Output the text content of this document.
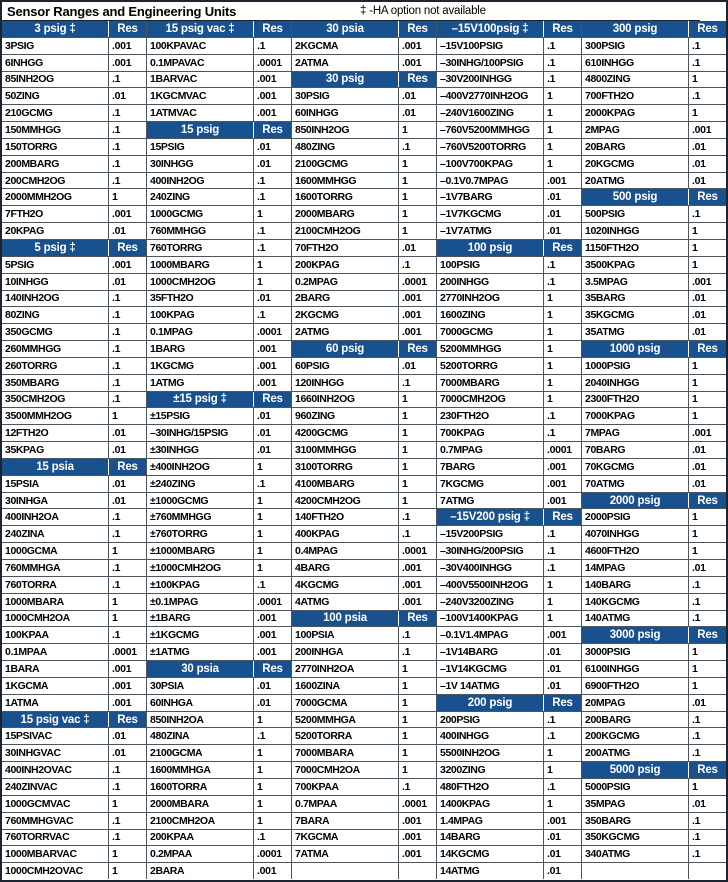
Sensor Ranges and Engineering Units	‡ -HA option not available
3 psig ‡	Res
3PSIG	.001
6INHGG	.001
85INH2OG	.1
50ZING	.01
210GCMG	.1
150MMHGG	.1
150TORRG	.1
200MBARG	.1
200CMH2OG	.1
2000MMH2OG	1
7FTH2O	.001
20KPAG	.01
5 psig ‡	Res
5PSIG	.001
10INHGG	.01
140INH2OG	.1
80ZING	.1
350GCMG	.1
260MMHGG	.1
260TORRG	.1
350MBARG	.1
350CMH2OG	.1
3500MMH2OG	1
12FTH2O	.01
35KPAG	.01
15 psia	Res
15PSIA	.01
30INHGA	.01
400INH2OA	.1
240ZINA	.1
1000GCMA	1
760MMHGA	.1
760TORRA	.1
1000MBARA	1
1000CMH2OA	1
100KPAA	.1
0.1MPAA	.0001
1BARA	.001
1KGCMA	.001
1ATMA	.001
15 psig vac ‡	Res
15PSIVAC	.01
30INHGVAC	.01
400INH2OVAC	.1
240ZINVAC	.1
1000GCMVAC	1
760MMHGVAC	.1
760TORRVAC	.1
1000MBARVAC	1
1000CMH2OVAC	1
15 psig vac ‡	Res
100KPAVAC	.1
0.1MPAVAC	.0001
1BARVAC	.001
1KGCMVAC	.001
1ATMVAC	.001
15 psig	Res
15PSIG	.01
30INHGG	.01
400INH2OG	.1
240ZING	.1
1000GCMG	1
760MMHGG	.1
760TORRG	.1
1000MBARG	1
1000CMH2OG	1
35FTH2O	.01
100KPAG	.1
0.1MPAG	.0001
1BARG	.001
1KGCMG	.001
1ATMG	.001
±15 psig ‡	Res
±15PSIG	.01
–30INHG/15PSIG	.01
±30INHGG	.01
±400INH2OG	1
±240ZING	.1
±1000GCMG	1
±760MMHGG	1
±760TORRG	1
±1000MBARG	1
±1000CMH2OG	1
±100KPAG	.1
±0.1MPAG	.0001
±1BARG	.001
±1KGCMG	.001
±1ATMG	.001
30 psia	Res
30PSIA	.01
60INHGA	.01
850INH2OA	1
480ZINA	.1
2100GCMA	1
1600MMHGA	1
1600TORRA	1
2000MBARA	1
2100CMH2OA	1
200KPAA	.1
0.2MPAA	.0001
2BARA	.001
30 psia	Res
2KGCMA	.001
2ATMA	.001
30 psig	Res
30PSIG	.01
60INHGG	.01
850INH2OG	1
480ZING	.1
2100GCMG	1
1600MMHGG	1
1600TORRG	1
2000MBARG	1
2100CMH2OG	1
70FTH2O	.01
200KPAG	.1
0.2MPAG	.0001
2BARG	.001
2KGCMG	.001
2ATMG	.001
60 psig	Res
60PSIG	.01
120INHGG	.1
1660INH2OG	1
960ZING	1
4200GCMG	1
3100MMHGG	1
3100TORRG	1
4100MBARG	1
4200CMH2OG	1
140FTH2O	.1
400KPAG	.1
0.4MPAG	.0001
4BARG	.001
4KGCMG	.001
4ATMG	.001
100 psia	Res
100PSIA	.1
200INHGA	.1
2770INH2OA	1
1600ZINA	1
7000GCMA	1
5200MMHGA	1
5200TORRA	1
7000MBARA	1
7000CMH2OA	1
700KPAA	.1
0.7MPAA	.0001
7BARA	.001
7KGCMA	.001
7ATMA	.001
–15V100psig ‡	Res
–15V100PSIG	.1
–30INHG/100PSIG	.1
–30V200INHGG	.1
–400V2770INH2OG	1
–240V1600ZING	1
–760V5200MMHGG	1
–760V5200TORRG	1
–100V700KPAG	1
–0.1V0.7MPAG	.001
–1V7BARG	.01
–1V7KGCMG	.01
–1V7ATMG	.01
100 psig	Res
100PSIG	.1
200INHGG	.1
2770INH2OG	1
1600ZING	1
7000GCMG	1
5200MMHGG	1
5200TORRG	1
7000MBARG	1
7000CMH2OG	1
230FTH2O	.1
700KPAG	.1
0.7MPAG	.0001
7BARG	.001
7KGCMG	.001
7ATMG	.001
–15V200 psig ‡	Res
–15V200PSIG	.1
–30INHG/200PSIG	.1
–30V400INHGG	.1
–400V5500INH2OG	1
–240V3200ZING	1
–100V1400KPAG	1
–0.1V1.4MPAG	.001
–1V14BARG	.01
–1V14KGCMG	.01
–1V 14ATMG	.01
200 psig	Res
200PSIG	.1
400INHGG	.1
5500INH2OG	1
3200ZING	1
480FTH2O	.1
1400KPAG	1
1.4MPAG	.001
14BARG	.01
14KGCMG	.01
14ATMG	.01
300 psig	Res
300PSIG	.1
610INHGG	.1
4800ZING	1
700FTH2O	.1
2000KPAG	1
2MPAG	.001
20BARG	.01
20KGCMG	.01
20ATMG	.01
500 psig	Res
500PSIG	.1
1020INHGG	1
1150FTH2O	1
3500KPAG	1
3.5MPAG	.001
35BARG	.01
35KGCMG	.01
35ATMG	.01
1000 psig	Res
1000PSIG	1
2040INHGG	1
2300FTH2O	1
7000KPAG	1
7MPAG	.001
70BARG	.01
70KGCMG	.01
70ATMG	.01
2000 psig	Res
2000PSIG	1
4070INHGG	1
4600FTH2O	1
14MPAG	.01
140BARG	.1
140KGCMG	.1
140ATMG	.1
3000 psig	Res
3000PSIG	1
6100INHGG	1
6900FTH2O	1
20MPAG	.01
200BARG	.1
200KGCMG	.1
200ATMG	.1
5000 psig	Res
5000PSIG	1
35MPAG	.01
350BARG	.1
350KGCMG	.1
340ATMG	.1
